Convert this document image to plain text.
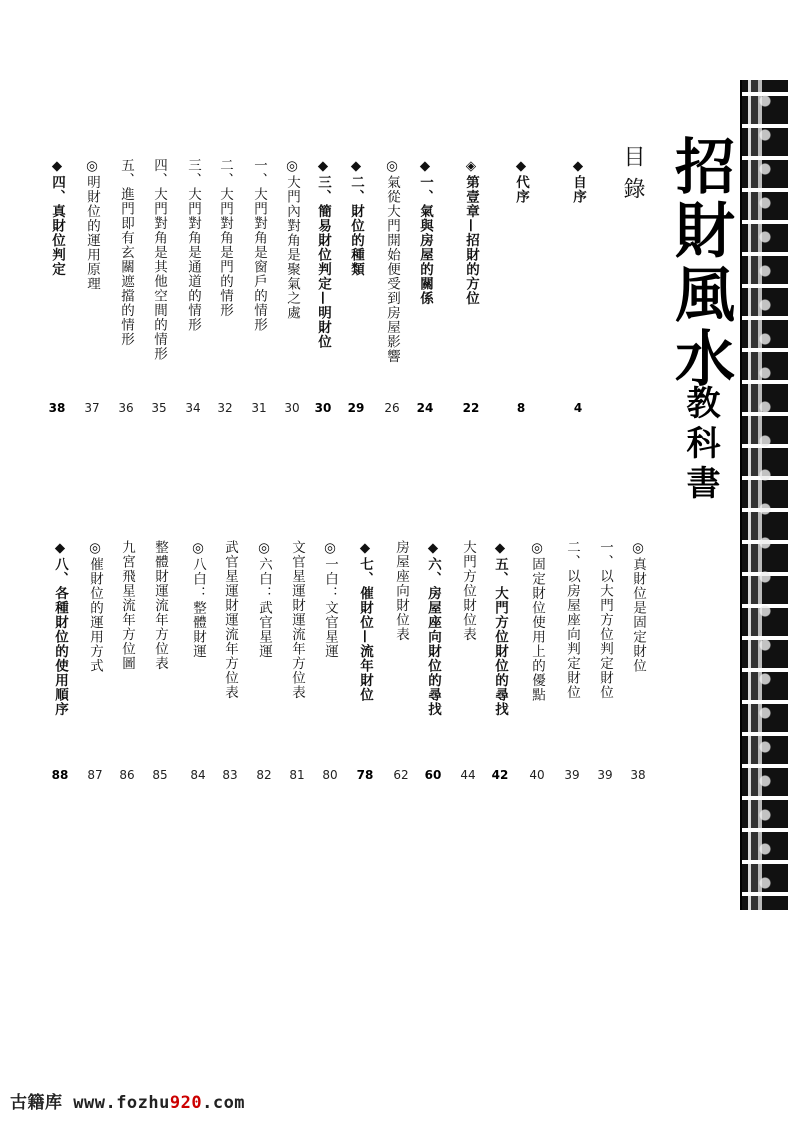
招財風水
教科書
目錄
◆自序
4
◆代序
8
◈第壹章—招財的方位
22
◎氣從大門開始便受到房屋影響
26
◆一、氣與房屋的關係
24
◆二、財位的種類
29
◆三、簡易財位判定—明財位
30
◎大門內對角是聚氣之處
30
一、大門對角是窗戶的情形
31
二、大門對角是門的情形
32
三、大門對角是通道的情形
34
四、大門對角是其他空間的情形
35
五、進門即有玄關遮擋的情形
36
◎明財位的運用原理
37
◆四、真財位判定
38
◎真財位是固定財位
38
一、以大門方位判定財位
39
二、以房屋座向判定財位
39
◎固定財位使用上的優點
40
◆五、大門方位財位的尋找
42
大門方位財位表
44
◆六、房屋座向財位的尋找
60
房屋座向財位表
62
◆七、催財位—流年財位
78
◎一白：文官星運
80
文官星運財運流年方位表
81
◎六白：武官星運
82
武官星運財運流年方位表
83
◎八白：整體財運
84
整體財運流年方位表
85
九宮飛星流年方位圖
86
◎催財位的運用方式
87
◆八、各種財位的使用順序
88
古籍库 www.fozhu920.com
